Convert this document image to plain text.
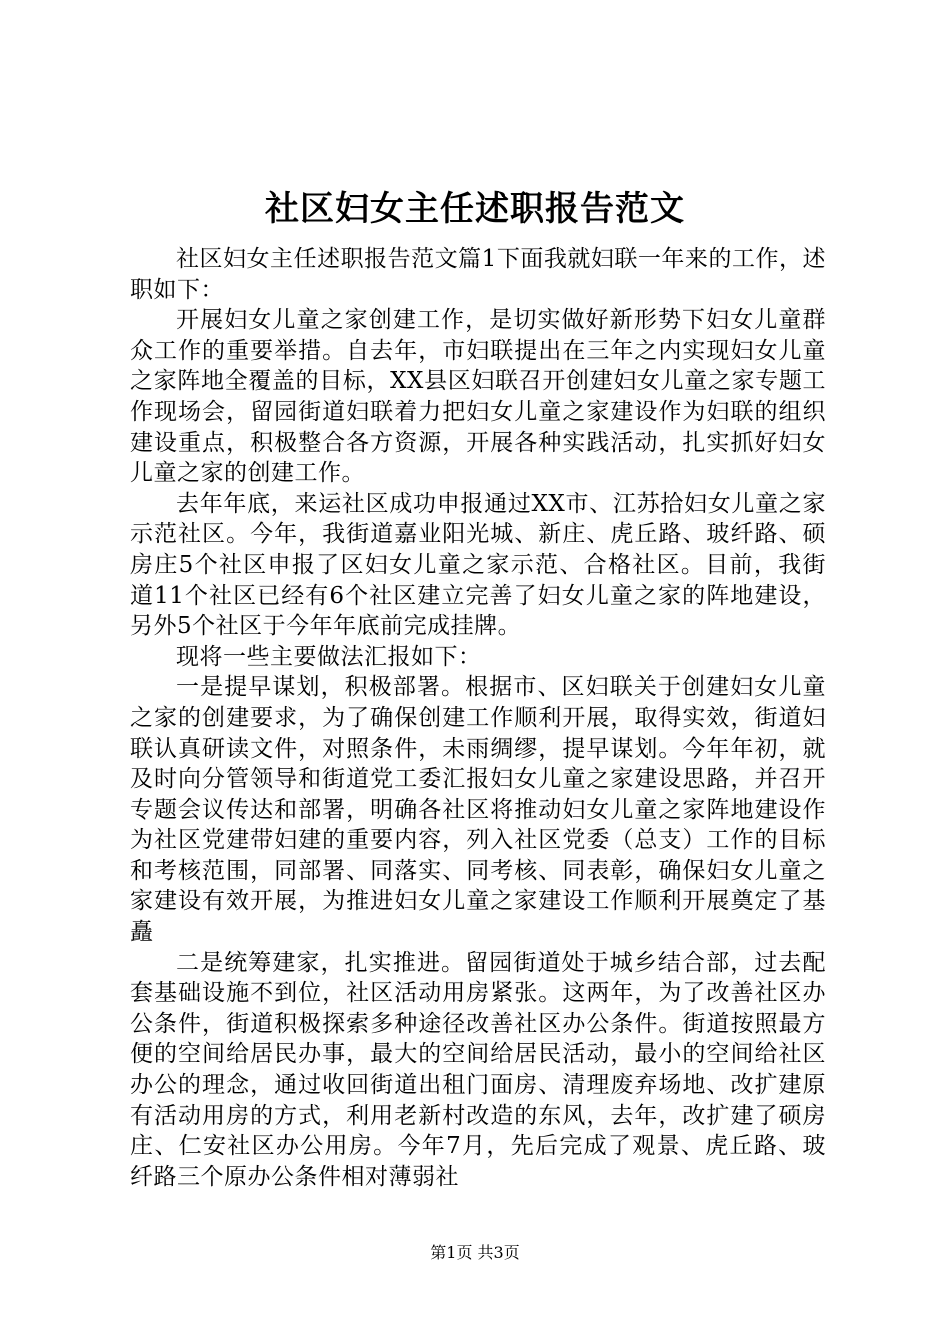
社区妇女主任述职报告范文

社区妇女主任述职报告范文篇1下面我就妇联一年来的工作，述职如下：

开展妇女儿童之家创建工作，是切实做好新形势下妇女儿童群众工作的重要举措。自去年，市妇联提出在三年之内实现妇女儿童之家阵地全覆盖的目标，XX县区妇联召开创建妇女儿童之家专题工作现场会，留园街道妇联着力把妇女儿童之家建设作为妇联的组织建设重点，积极整合各方资源，开展各种实践活动，扎实抓好妇女儿童之家的创建工作。

去年年底，来运社区成功申报通过XX市、江苏拾妇女儿童之家示范社区。今年，我街道嘉业阳光城、新庄、虎丘路、玻纤路、硕房庄5个社区申报了区妇女儿童之家示范、合格社区。目前，我街道11个社区已经有6个社区建立完善了妇女儿童之家的阵地建设，另外5个社区于今年年底前完成挂牌。

现将一些主要做法汇报如下：

一是提早谋划，积极部署。根据市、区妇联关于创建妇女儿童之家的创建要求，为了确保创建工作顺利开展，取得实效，街道妇联认真研读文件，对照条件，未雨绸缪，提早谋划。今年年初，就及时向分管领导和街道党工委汇报妇女儿童之家建设思路，并召开专题会议传达和部署，明确各社区将推动妇女儿童之家阵地建设作为社区党建带妇建的重要内容，列入社区党委（总支）工作的目标和考核范围，同部署、同落实、同考核、同表彰，确保妇女儿童之家建设有效开展，为推进妇女儿童之家建设工作顺利开展奠定了基矗

二是统筹建家，扎实推进。留园街道处于城乡结合部，过去配套基础设施不到位，社区活动用房紧张。这两年，为了改善社区办公条件，街道积极探索多种途径改善社区办公条件。街道按照最方便的空间给居民办事，最大的空间给居民活动，最小的空间给社区办公的理念，通过收回街道出租门面房、清理废弃场地、改扩建原有活动用房的方式，利用老新村改造的东风，去年，改扩建了硕房庄、仁安社区办公用房。今年7月，先后完成了观景、虎丘路、玻纤路三个原办公条件相对薄弱社

第1页 共3页
